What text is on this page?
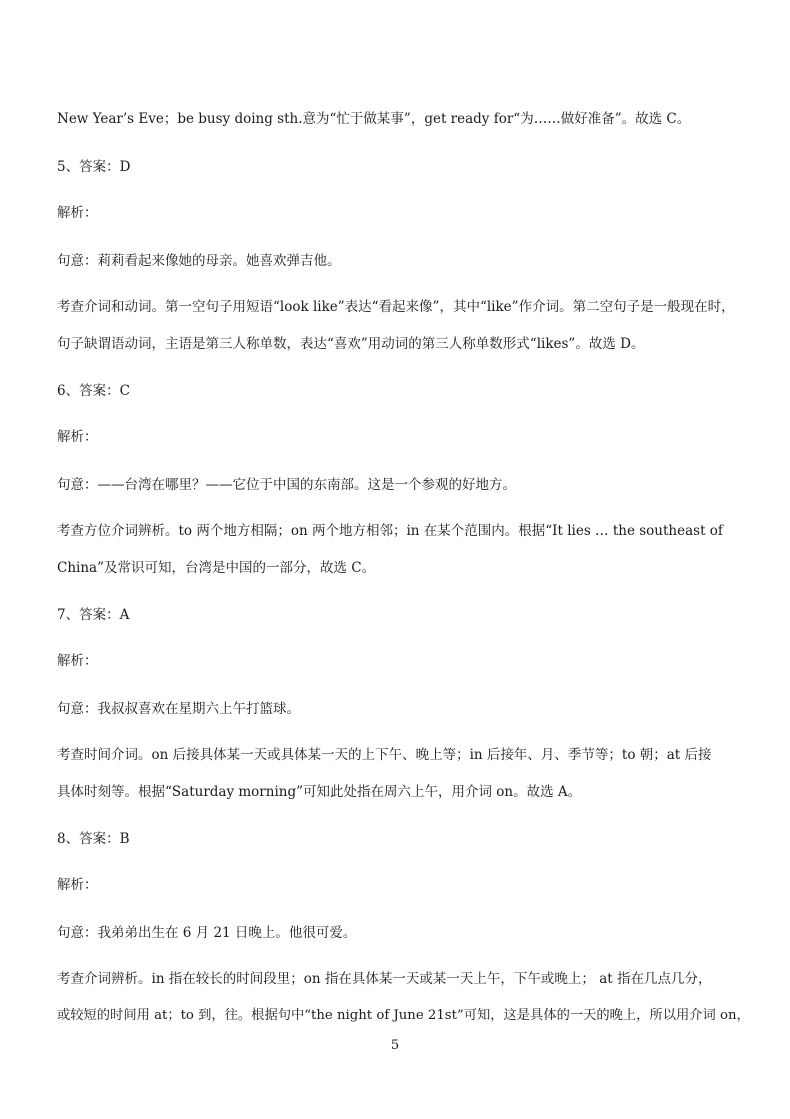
New Year’s Eve；be busy doing sth.意为“忙于做某事”，get ready for“为……做好准备”。故选 C。
5、答案：D
解析：
句意：莉莉看起来像她的母亲。她喜欢弹吉他。
考查介词和动词。第一空句子用短语“look like”表达“看起来像”，其中“like”作介词。第二空句子是一般现在时，
句子缺谓语动词，主语是第三人称单数，表达“喜欢”用动词的第三人称单数形式“likes”。故选 D。
6、答案：C
解析：
句意：——台湾在哪里？——它位于中国的东南部。这是一个参观的好地方。
考查方位介词辨析。to 两个地方相隔；on 两个地方相邻；in 在某个范围内。根据“It lies … the southeast of
China”及常识可知，台湾是中国的一部分，故选 C。
7、答案：A
解析：
句意：我叔叔喜欢在星期六上午打篮球。
考查时间介词。on 后接具体某一天或具体某一天的上下午、晚上等；in 后接年、月、季节等；to 朝；at 后接
具体时刻等。根据“Saturday morning”可知此处指在周六上午，用介词 on。故选 A。
8、答案：B
解析：
句意：我弟弟出生在 6 月 21 日晚上。他很可爱。
考查介词辨析。in 指在较长的时间段里；on 指在具体某一天或某一天上午，下午或晚上； at 指在几点几分，
或较短的时间用 at；to 到，往。根据句中“the night of June 21st”可知，这是具体的一天的晚上，所以用介词 on，
5
